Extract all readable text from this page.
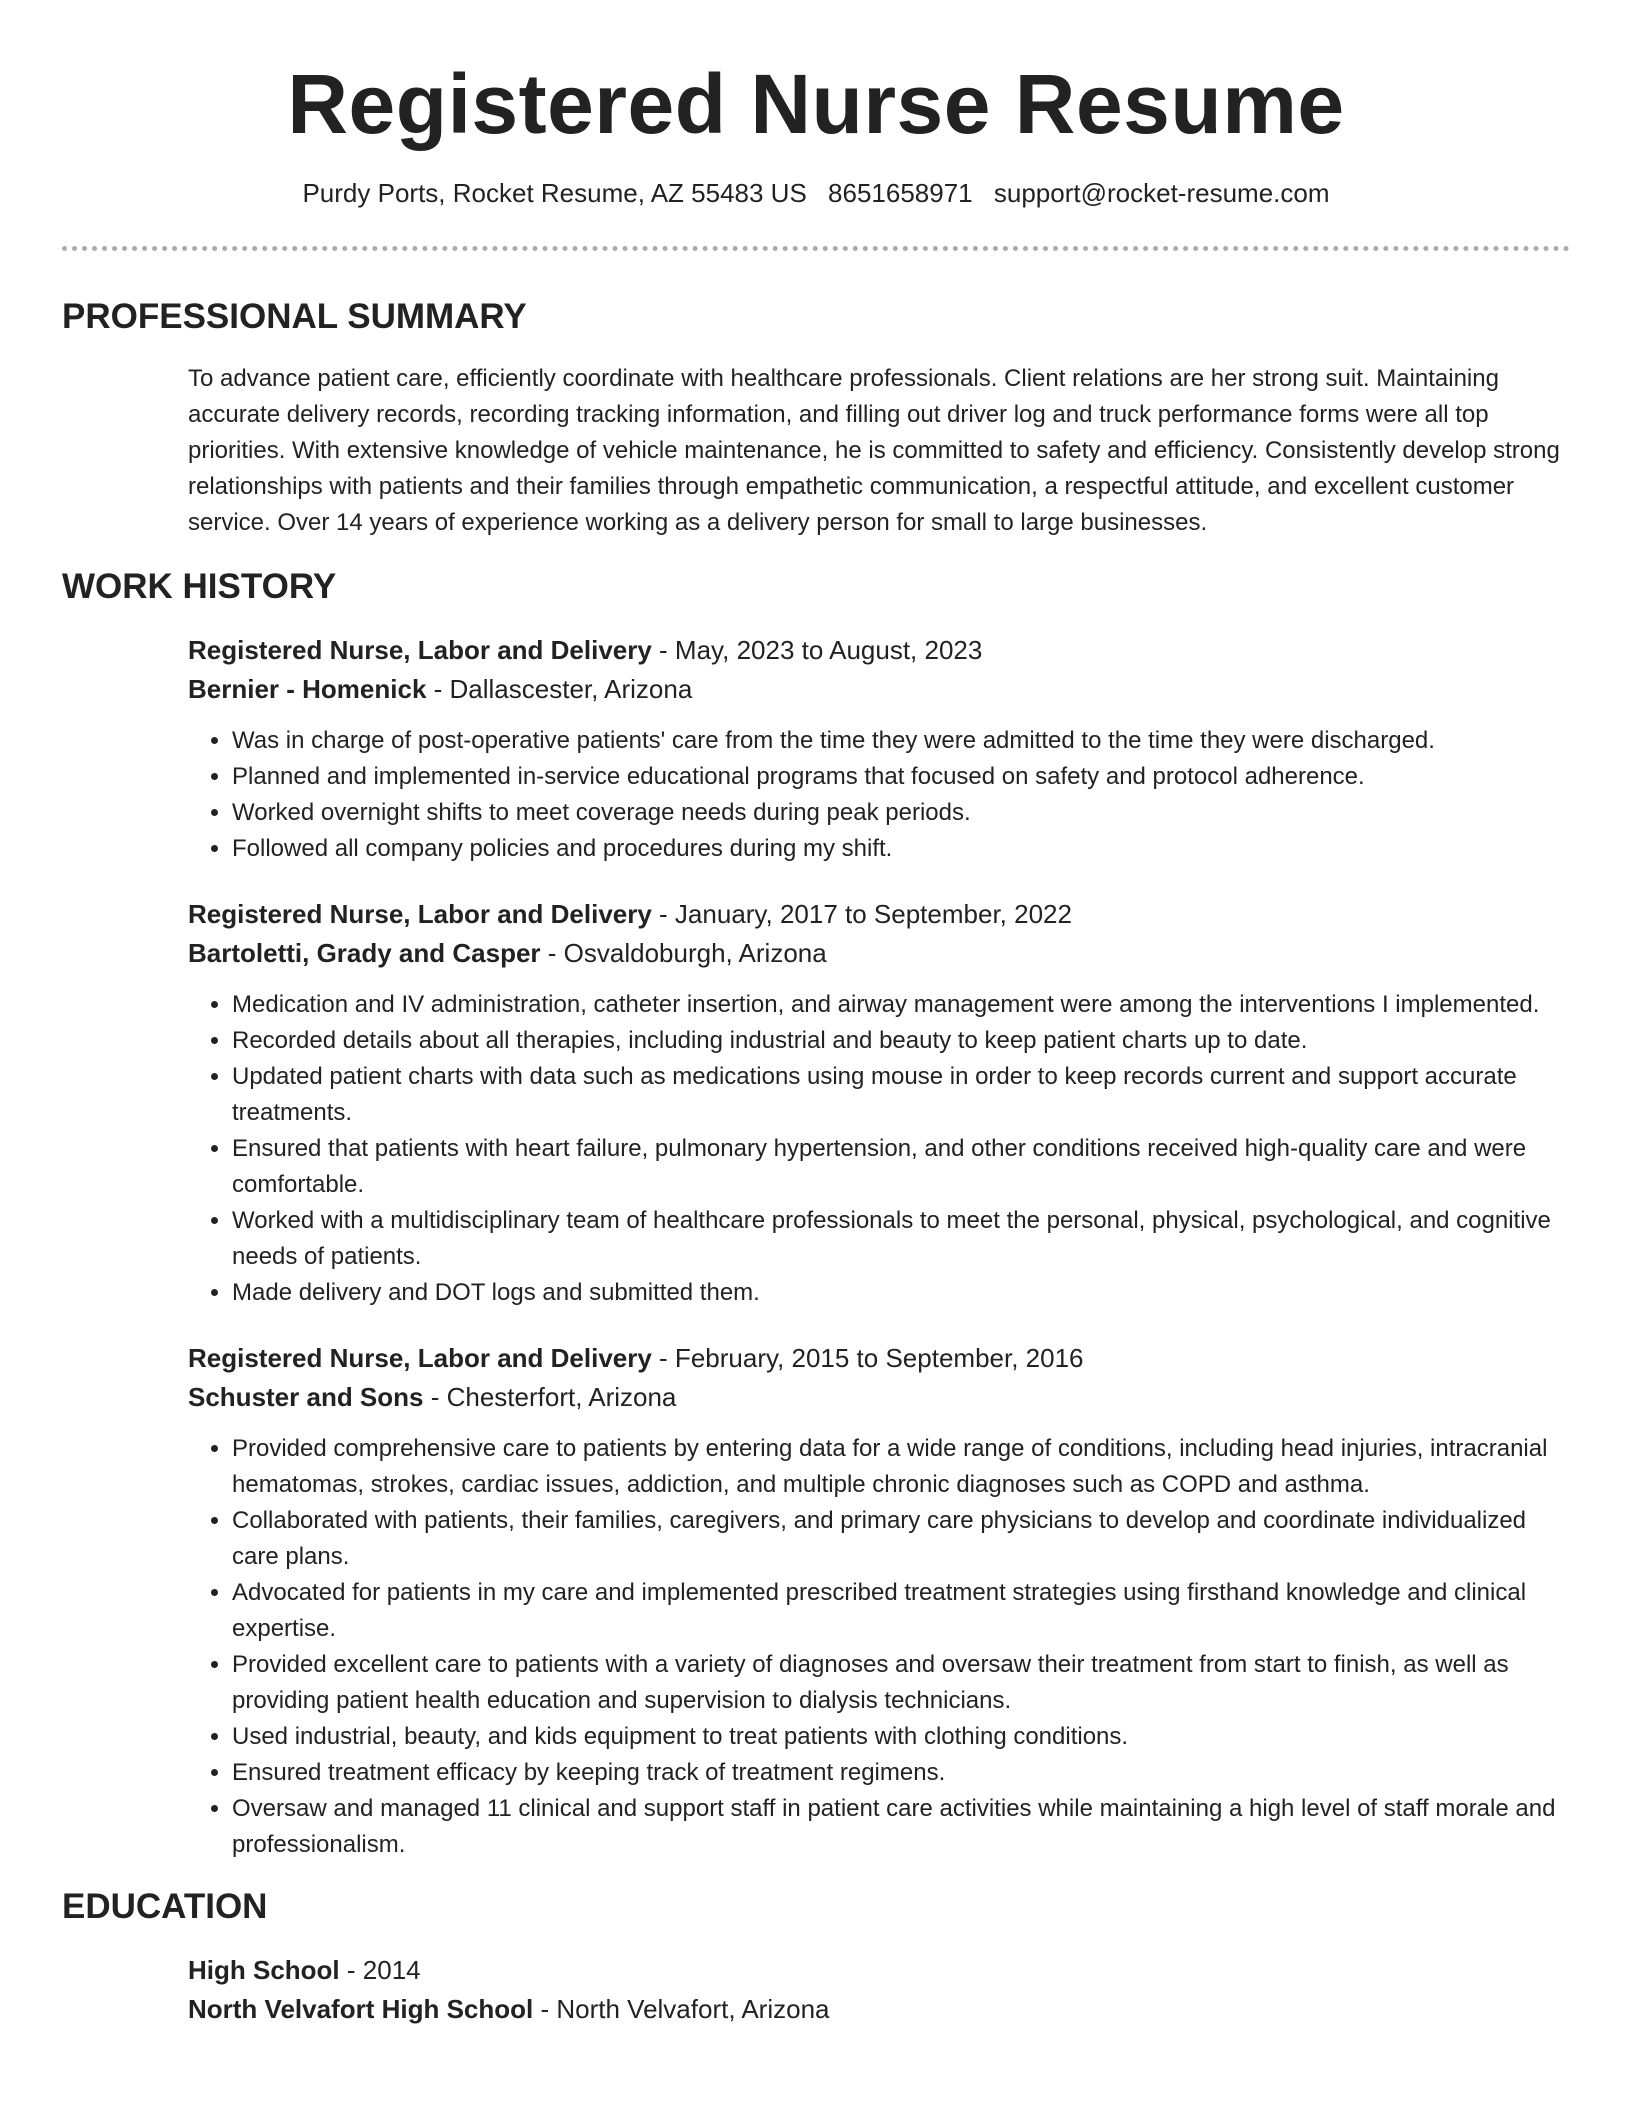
Registered Nurse Resume
Purdy Ports, Rocket Resume, AZ 55483 US 8651658971 support@rocket-resume.com
PROFESSIONAL SUMMARY
To advance patient care, efficiently coordinate with healthcare professionals. Client relations are her strong suit. Maintaining accurate delivery records, recording tracking information, and filling out driver log and truck performance forms were all top priorities. With extensive knowledge of vehicle maintenance, he is committed to safety and efficiency. Consistently develop strong relationships with patients and their families through empathetic communication, a respectful attitude, and excellent customer service. Over 14 years of experience working as a delivery person for small to large businesses.
WORK HISTORY
Registered Nurse, Labor and Delivery - May, 2023 to August, 2023
Bernier - Homenick - Dallascester, Arizona
• Was in charge of post-operative patients' care from the time they were admitted to the time they were discharged.
• Planned and implemented in-service educational programs that focused on safety and protocol adherence.
• Worked overnight shifts to meet coverage needs during peak periods.
• Followed all company policies and procedures during my shift.
Registered Nurse, Labor and Delivery - January, 2017 to September, 2022
Bartoletti, Grady and Casper - Osvaldoburgh, Arizona
• Medication and IV administration, catheter insertion, and airway management were among the interventions I implemented.
• Recorded details about all therapies, including industrial and beauty to keep patient charts up to date.
• Updated patient charts with data such as medications using mouse in order to keep records current and support accurate treatments.
• Ensured that patients with heart failure, pulmonary hypertension, and other conditions received high-quality care and were comfortable.
• Worked with a multidisciplinary team of healthcare professionals to meet the personal, physical, psychological, and cognitive needs of patients.
• Made delivery and DOT logs and submitted them.
Registered Nurse, Labor and Delivery - February, 2015 to September, 2016
Schuster and Sons - Chesterfort, Arizona
• Provided comprehensive care to patients by entering data for a wide range of conditions, including head injuries, intracranial hematomas, strokes, cardiac issues, addiction, and multiple chronic diagnoses such as COPD and asthma.
• Collaborated with patients, their families, caregivers, and primary care physicians to develop and coordinate individualized care plans.
• Advocated for patients in my care and implemented prescribed treatment strategies using firsthand knowledge and clinical expertise.
• Provided excellent care to patients with a variety of diagnoses and oversaw their treatment from start to finish, as well as providing patient health education and supervision to dialysis technicians.
• Used industrial, beauty, and kids equipment to treat patients with clothing conditions.
• Ensured treatment efficacy by keeping track of treatment regimens.
• Oversaw and managed 11 clinical and support staff in patient care activities while maintaining a high level of staff morale and professionalism.
EDUCATION
High School - 2014
North Velvafort High School - North Velvafort, Arizona
